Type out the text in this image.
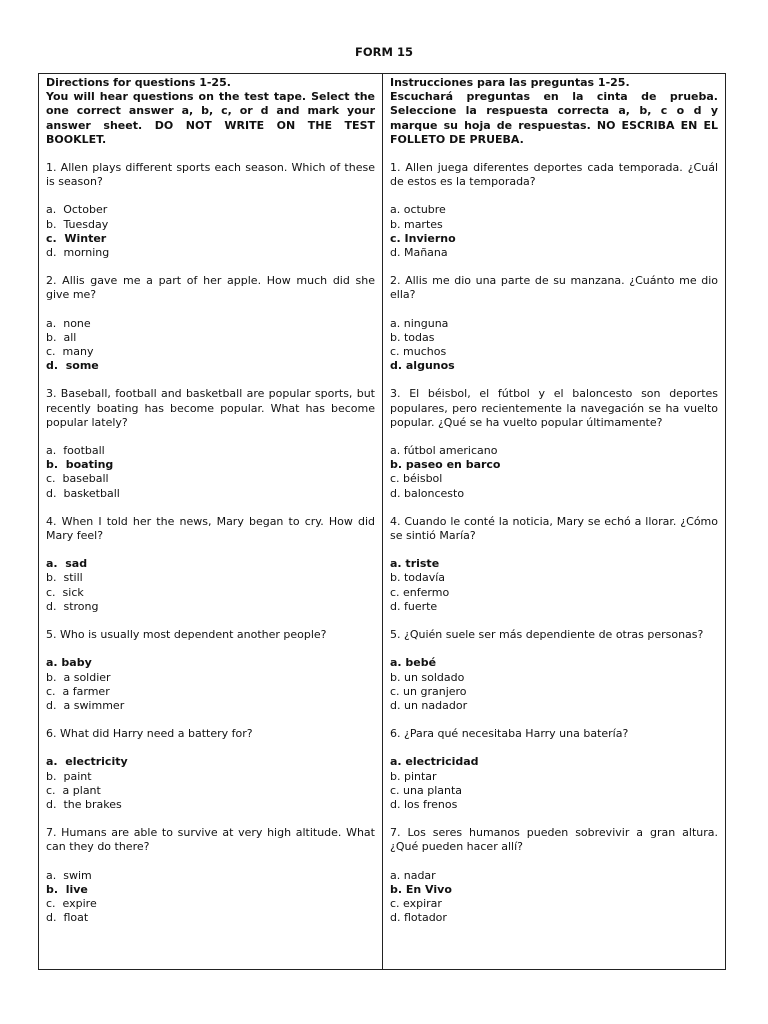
FORM 15
Directions for questions 1-25.
You will hear questions on the test tape. Select the one correct answer a, b, c, or d and mark your answer sheet. DO NOT WRITE ON THE TEST BOOKLET.
1. Allen plays different sports each season. Which of these is season?
a.  October
b.  Tuesday
c.  Winter
d.  morning
2. Allis gave me a part of her apple. How much did she give me?
a.  none
b.  all
c.  many
d.  some
3. Baseball, football and basketball are popular sports, but recently boating has become popular. What has become popular lately?
a.  football
b.  boating
c.  baseball
d.  basketball
4. When I told her the news, Mary began to cry. How did Mary feel?
a.  sad
b.  still
c.  sick
d.  strong
5. Who is usually most dependent another people?
a. baby
b.  a soldier
c.  a farmer
d.  a swimmer
6. What did Harry need a battery for?
a.  electricity
b.  paint
c.  a plant
d.  the brakes
7. Humans are able to survive at very high altitude. What can they do there?
a.  swim
b.  live
c.  expire
d.  float
Instrucciones para las preguntas 1-25.
Escuchará preguntas en la cinta de prueba. Seleccione la respuesta correcta a, b, c o d y marque su hoja de respuestas. NO ESCRIBA EN EL FOLLETO DE PRUEBA.
1. Allen juega diferentes deportes cada temporada. ¿Cuál de estos es la temporada?
a. octubre
b. martes
c. Invierno
d. Mañana
2. Allis me dio una parte de su manzana. ¿Cuánto me dio ella?
a. ninguna
b. todas
c. muchos
d. algunos
3. El béisbol, el fútbol y el baloncesto son deportes populares, pero recientemente la navegación se ha vuelto popular. ¿Qué se ha vuelto popular últimamente?
a. fútbol americano
b. paseo en barco
c. béisbol
d. baloncesto
4. Cuando le conté la noticia, Mary se echó a llorar. ¿Cómo se sintió María?
a. triste
b. todavía
c. enfermo
d. fuerte
5. ¿Quién suele ser más dependiente de otras personas?
a. bebé
b. un soldado
c. un granjero
d. un nadador
6. ¿Para qué necesitaba Harry una batería?
a. electricidad
b. pintar
c. una planta
d. los frenos
7. Los seres humanos pueden sobrevivir a gran altura. ¿Qué pueden hacer allí?
a. nadar
b. En Vivo
c. expirar
d. flotador
